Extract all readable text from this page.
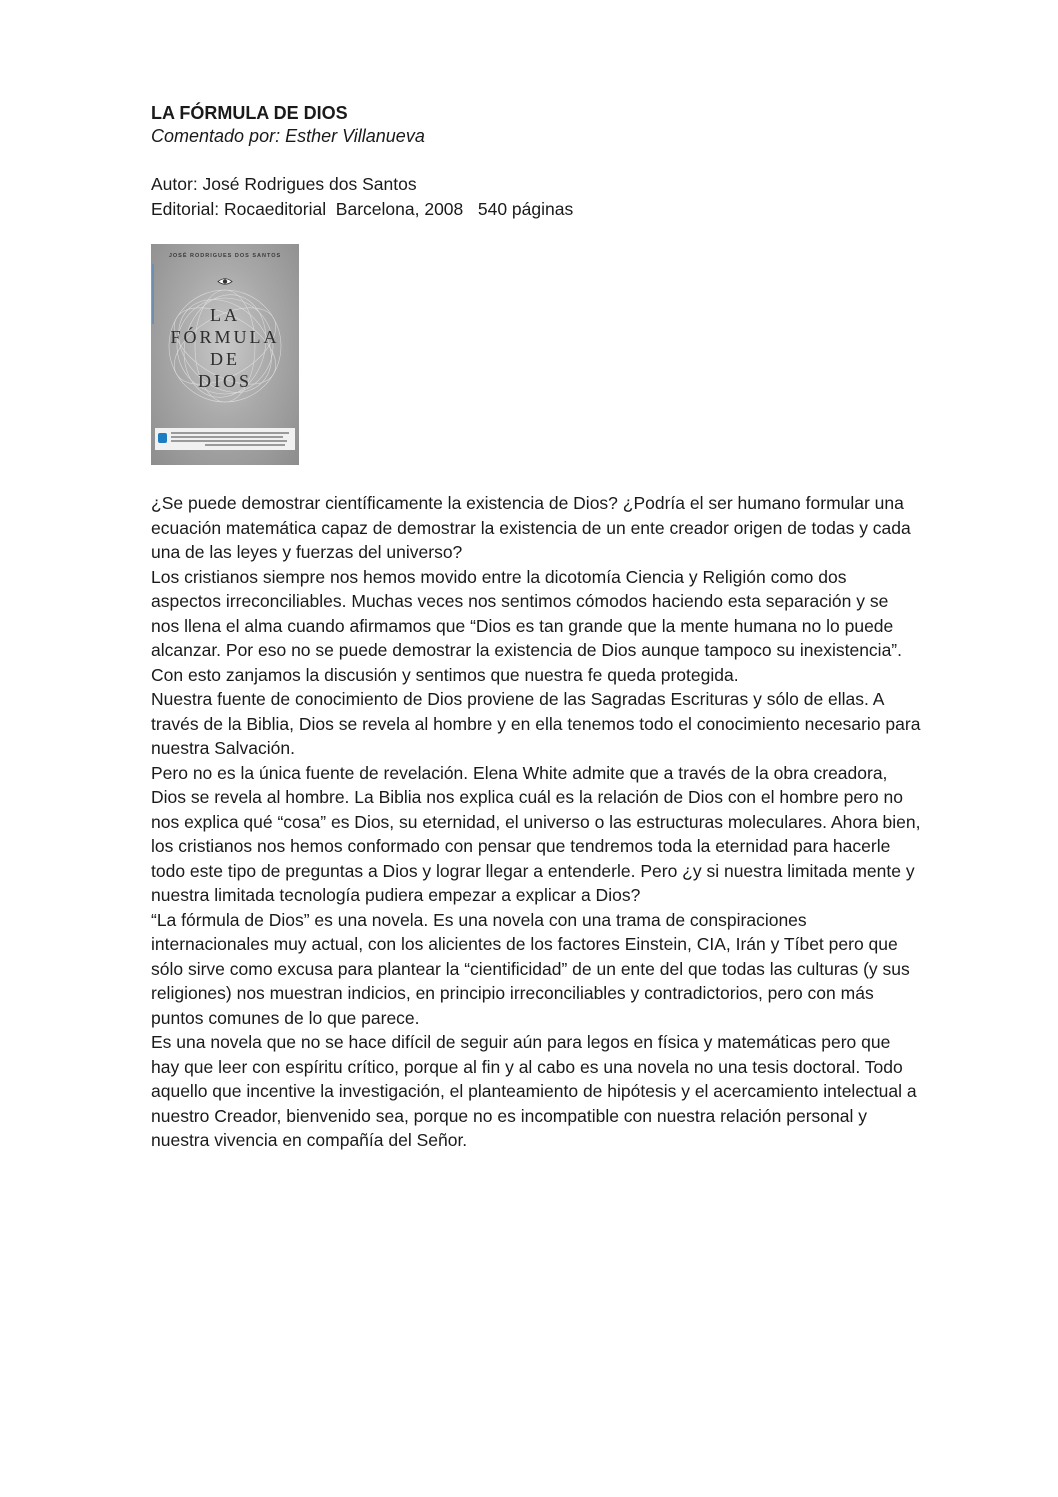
LA FÓRMULA DE DIOS

Comentado por: Esther Villanueva

Autor: José Rodrigues dos Santos

Editorial: Rocaeditorial  Barcelona, 2008   540 páginas

JOSÉ RODRIGUES DOS SANTOS
LA
FÓRMULA
DE
DIOS

¿Se puede demostrar científicamente la existencia de Dios? ¿Podría el ser humano formular una ecuación matemática capaz de demostrar la existencia de un ente creador origen de todas y cada una de las leyes y fuerzas del universo?

Los cristianos siempre nos hemos movido entre la dicotomía Ciencia y Religión como dos aspectos irreconciliables. Muchas veces nos sentimos cómodos haciendo esta separación y se nos llena el alma cuando afirmamos que “Dios es tan grande que la mente humana no lo puede alcanzar. Por eso no se puede demostrar la existencia de Dios aunque tampoco su inexistencia”. Con esto zanjamos la discusión y sentimos que nuestra fe queda protegida.

Nuestra fuente de conocimiento de Dios proviene de las Sagradas Escrituras y sólo de ellas. A través de la Biblia, Dios se revela al hombre y en ella tenemos todo el conocimiento necesario para nuestra Salvación.

Pero no es la única fuente de revelación. Elena White admite que a través de la obra creadora, Dios se revela al hombre. La Biblia nos explica cuál es la relación de Dios con el hombre pero no nos explica qué “cosa” es Dios, su eternidad, el universo o las estructuras moleculares. Ahora bien, los cristianos nos hemos conformado con pensar que tendremos toda la eternidad para hacerle todo este tipo de preguntas a Dios y lograr llegar a entenderle. Pero ¿y si nuestra limitada mente y nuestra limitada tecnología pudiera empezar a explicar a Dios?

“La fórmula de Dios” es una novela. Es una novela con una trama de conspiraciones internacionales muy actual, con los alicientes de los factores Einstein, CIA, Irán y Tíbet pero que sólo sirve como excusa para plantear la “cientificidad” de un ente del que todas las culturas (y sus religiones) nos muestran indicios, en principio irreconciliables y contradictorios, pero con más puntos comunes de lo que parece.

Es una novela que no se hace difícil de seguir aún para legos en física y matemáticas pero que hay que leer con espíritu crítico, porque al fin y al cabo es una novela no una tesis doctoral. Todo aquello que incentive la investigación, el planteamiento de hipótesis y el acercamiento intelectual a nuestro Creador, bienvenido sea, porque no es incompatible con nuestra relación personal y nuestra vivencia en compañía del Señor.
